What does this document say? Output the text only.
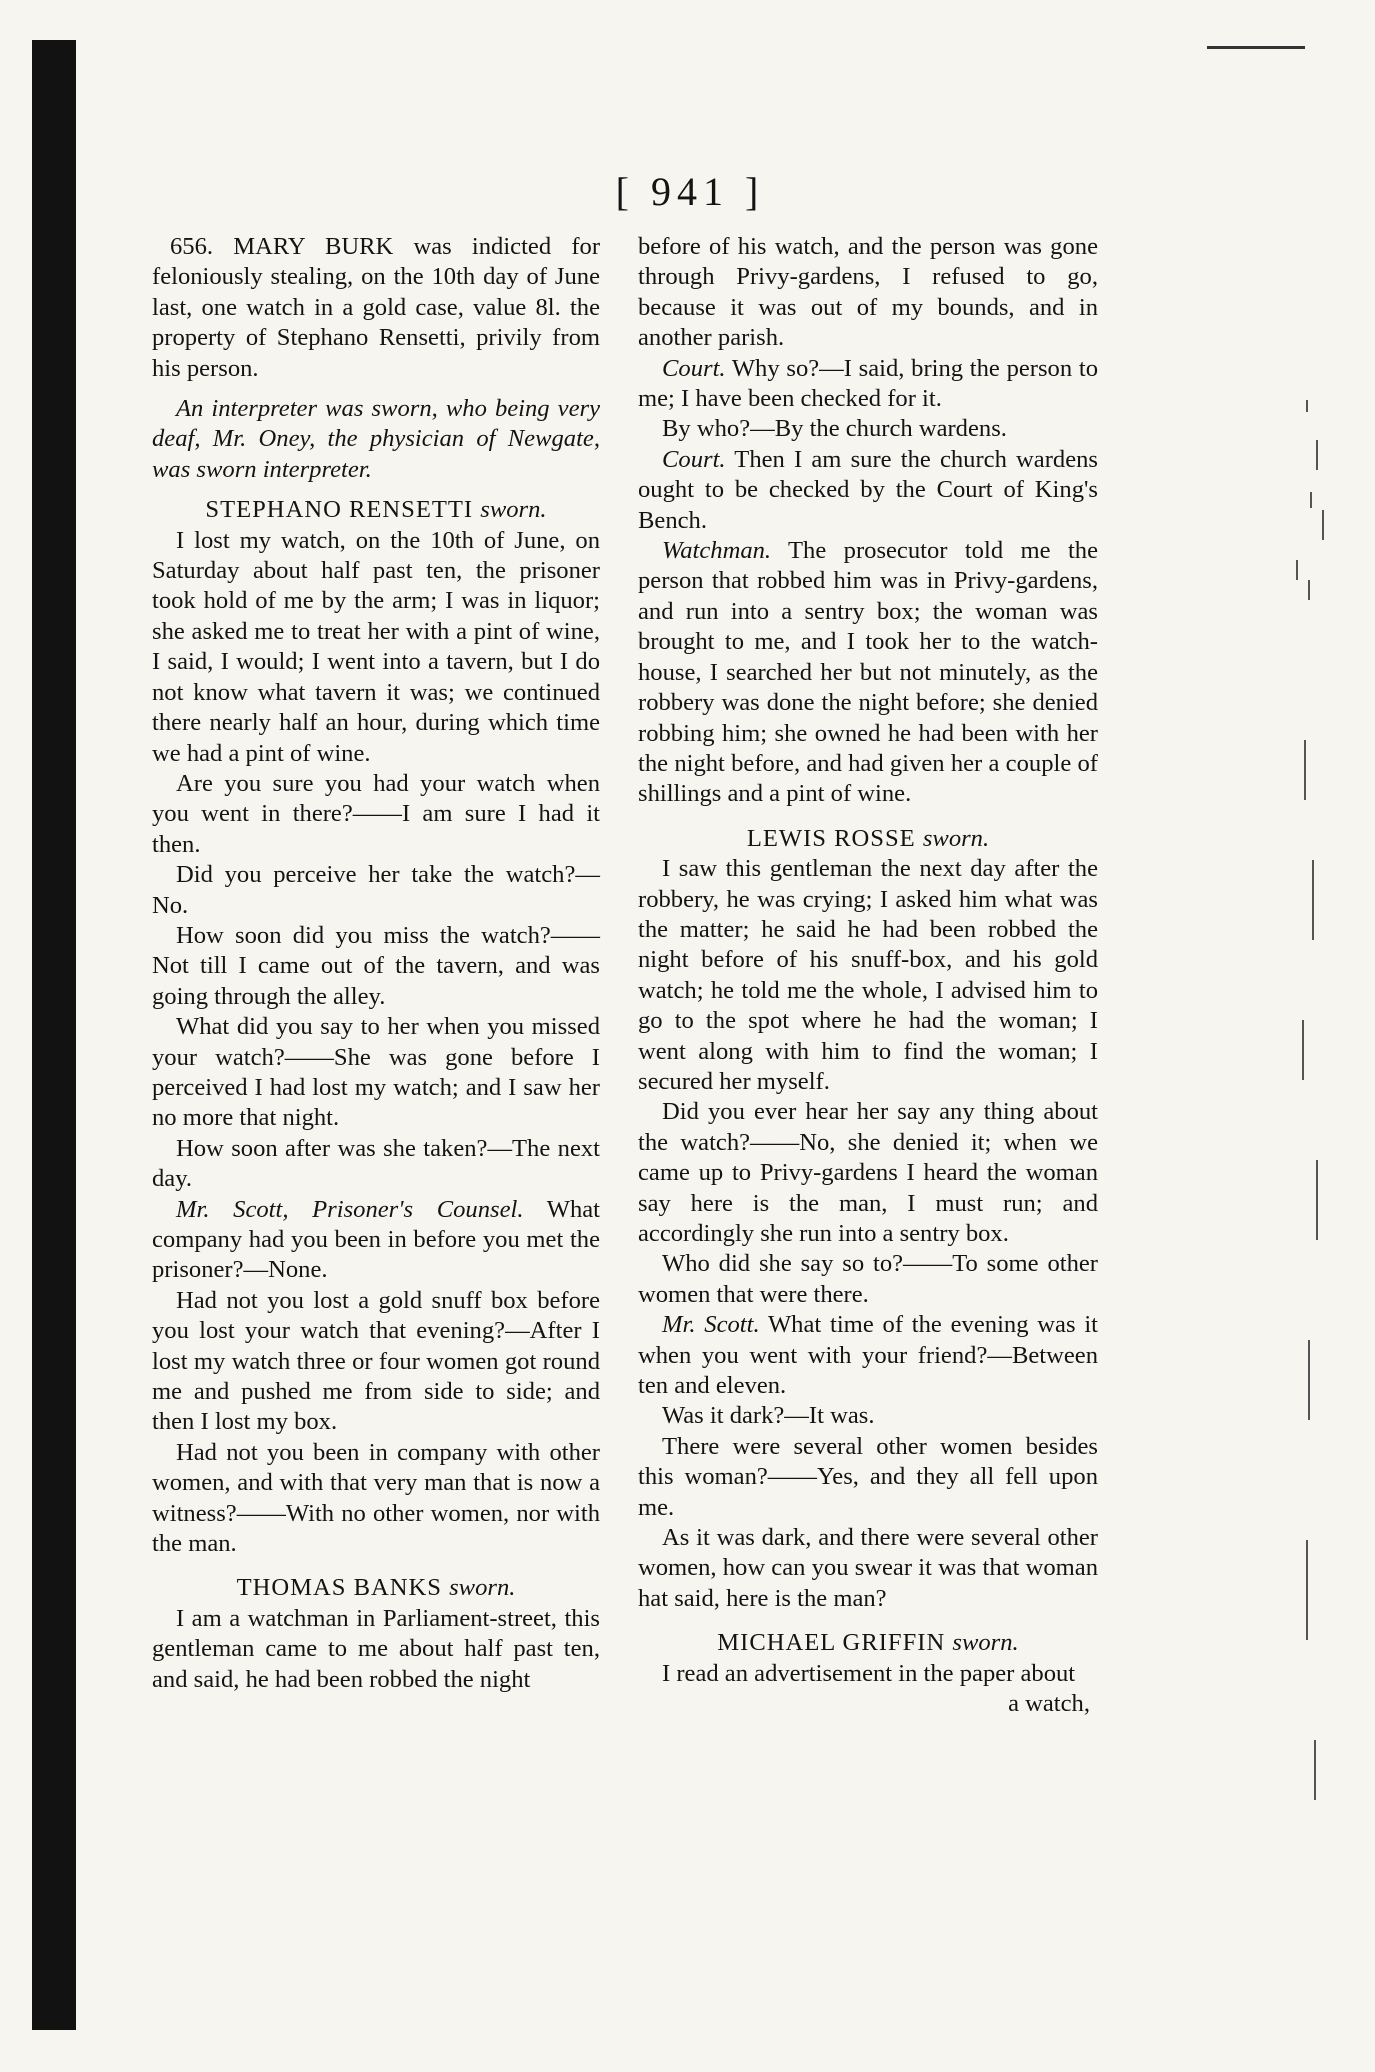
[ 941 ]

656. MARY BURK was indicted for feloniously stealing, on the 10th day of June last, one watch in a gold case, value 8l. the property of Stephano Rensetti, privily from his person.

An interpreter was sworn, who being very deaf, Mr. Oney, the physician of Newgate, was sworn interpreter.

STEPHANO RENSETTI sworn.

I lost my watch, on the 10th of June, on Saturday about half past ten, the prisoner took hold of me by the arm; I was in liquor; she asked me to treat her with a pint of wine, I said, I would; I went into a tavern, but I do not know what tavern it was; we continued there nearly half an hour, during which time we had a pint of wine.

Are you sure you had your watch when you went in there?——I am sure I had it then.

Did you perceive her take the watch?—No.

How soon did you miss the watch?——Not till I came out of the tavern, and was going through the alley.

What did you say to her when you missed your watch?——She was gone before I perceived I had lost my watch; and I saw her no more that night.

How soon after was she taken?—The next day.

Mr. Scott, Prisoner's Counsel. What company had you been in before you met the prisoner?—None.

Had not you lost a gold snuff box before you lost your watch that evening?—After I lost my watch three or four women got round me and pushed me from side to side; and then I lost my box.

Had not you been in company with other women, and with that very man that is now a witness?——With no other women, nor with the man.

THOMAS BANKS sworn.

I am a watchman in Parliament-street, this gentleman came to me about half past ten, and said, he had been robbed the night

before of his watch, and the person was gone through Privy-gardens, I refused to go, because it was out of my bounds, and in another parish.

Court. Why so?—I said, bring the person to me; I have been checked for it.

By who?—By the church wardens.

Court. Then I am sure the church wardens ought to be checked by the Court of King's Bench.

Watchman. The prosecutor told me the person that robbed him was in Privy-gardens, and run into a sentry box; the woman was brought to me, and I took her to the watch-house, I searched her but not minutely, as the robbery was done the night before; she denied robbing him; she owned he had been with her the night before, and had given her a couple of shillings and a pint of wine.

LEWIS ROSSE sworn.

I saw this gentleman the next day after the robbery, he was crying; I asked him what was the matter; he said he had been robbed the night before of his snuff-box, and his gold watch; he told me the whole, I advised him to go to the spot where he had the woman; I went along with him to find the woman; I secured her myself.

Did you ever hear her say any thing about the watch?——No, she denied it; when we came up to Privy-gardens I heard the woman say here is the man, I must run; and accordingly she run into a sentry box.

Who did she say so to?——To some other women that were there.

Mr. Scott. What time of the evening was it when you went with your friend?—Between ten and eleven.

Was it dark?—It was.

There were several other women besides this woman?——Yes, and they all fell upon me.

As it was dark, and there were several other women, how can you swear it was that woman hat said, here is the man?

MICHAEL GRIFFIN sworn.

I read an advertisement in the paper about

a watch,
